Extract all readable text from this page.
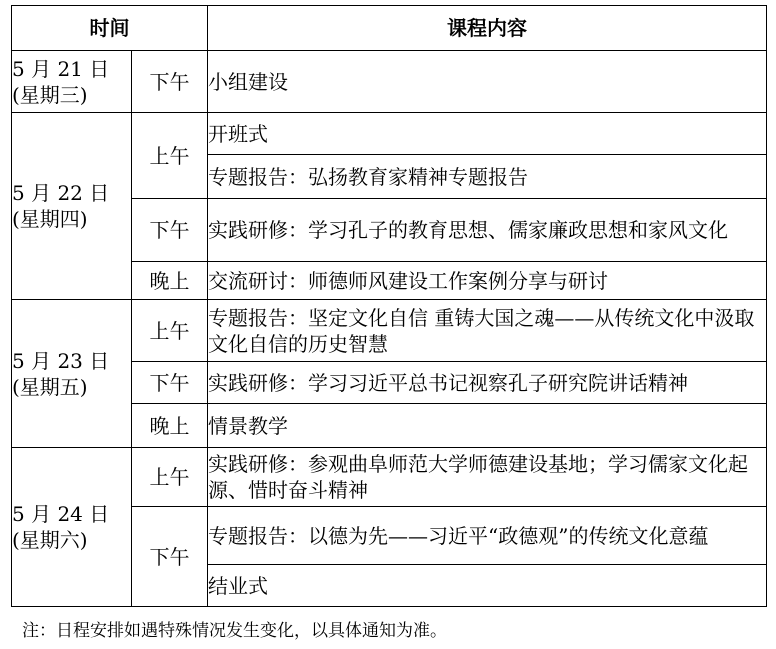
时间		课程内容

5 月 21 日
(星期三)	下午	小组建设

5 月 22 日
(星期四)	上午	开班式
		专题报告：弘扬教育家精神专题报告
	下午	实践研修：学习孔子的教育思想、儒家廉政思想和家风文化
	晚上	交流研讨：师德师风建设工作案例分享与研讨

5 月 23 日
(星期五)	上午	专题报告：坚定文化自信 重铸大国之魂——从传统文化中汲取文化自信的历史智慧
	下午	实践研修：学习习近平总书记视察孔子研究院讲话精神
	晚上	情景教学

5 月 24 日
(星期六)	上午	实践研修：参观曲阜师范大学师德建设基地；学习儒家文化起源、惜时奋斗精神
	下午	专题报告：以德为先——习近平“政德观”的传统文化意蕴
		结业式
注：日程安排如遇特殊情况发生变化，以具体通知为准。
